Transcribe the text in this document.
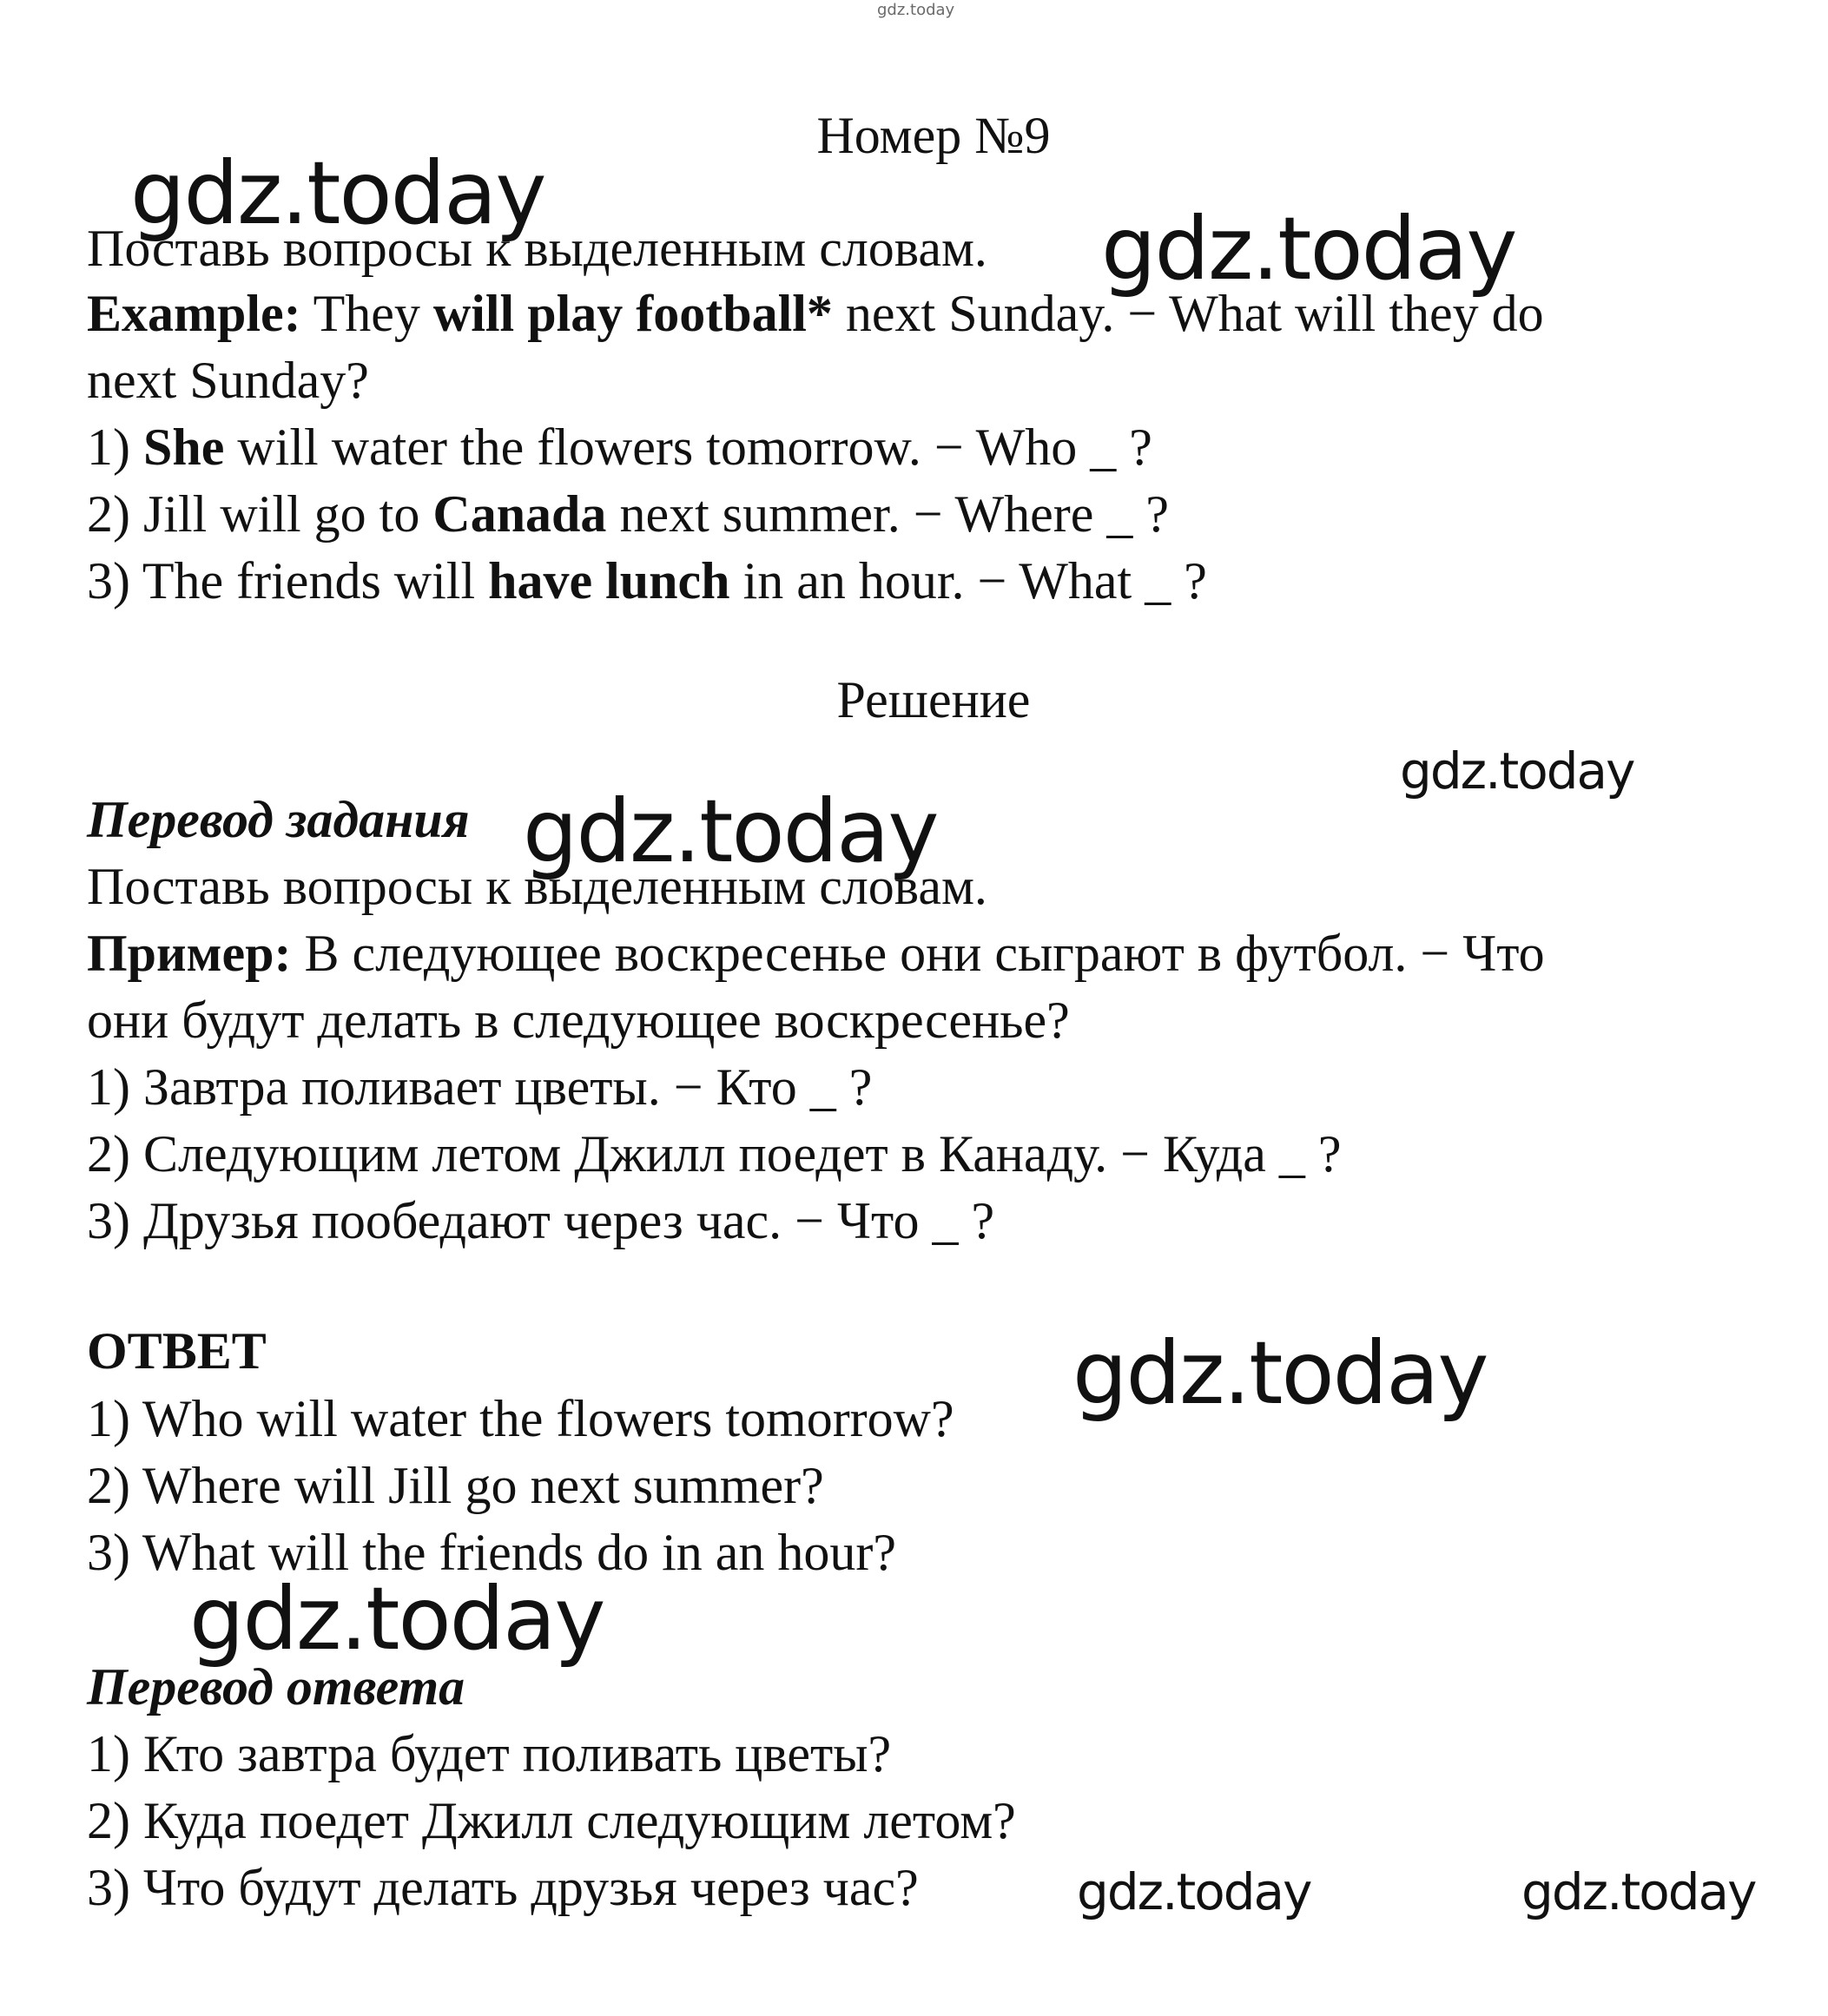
gdz.today
Номер №9
Поставь вопросы к выделенным словам.
Example: They will play football* next Sunday. − What will they do
next Sunday?
1) She will water the flowers tomorrow. − Who _ ?
2) Jill will go to Canada next summer. − Where _ ?
3) The friends will have lunch in an hour. − What _ ?
Решение
Перевод задания
Поставь вопросы к выделенным словам.
Пример: В следующее воскресенье они сыграют в футбол. − Что
они будут делать в следующее воскресенье?
1) Завтра поливает цветы. − Кто _ ?
2) Следующим летом Джилл поедет в Канаду. − Куда _ ?
3) Друзья пообедают через час. − Что _ ?
ОТВЕТ
1) Who will water the flowers tomorrow?
2) Where will Jill go next summer?
3) What will the friends do in an hour?
Перевод ответа
1) Кто завтра будет поливать цветы?
2) Куда поедет Джилл следующим летом?
3) Что будут делать друзья через час?
gdz.today
gdz.today
gdz.today
gdz.today
gdz.today
gdz.today
gdz.today	gdz.today
